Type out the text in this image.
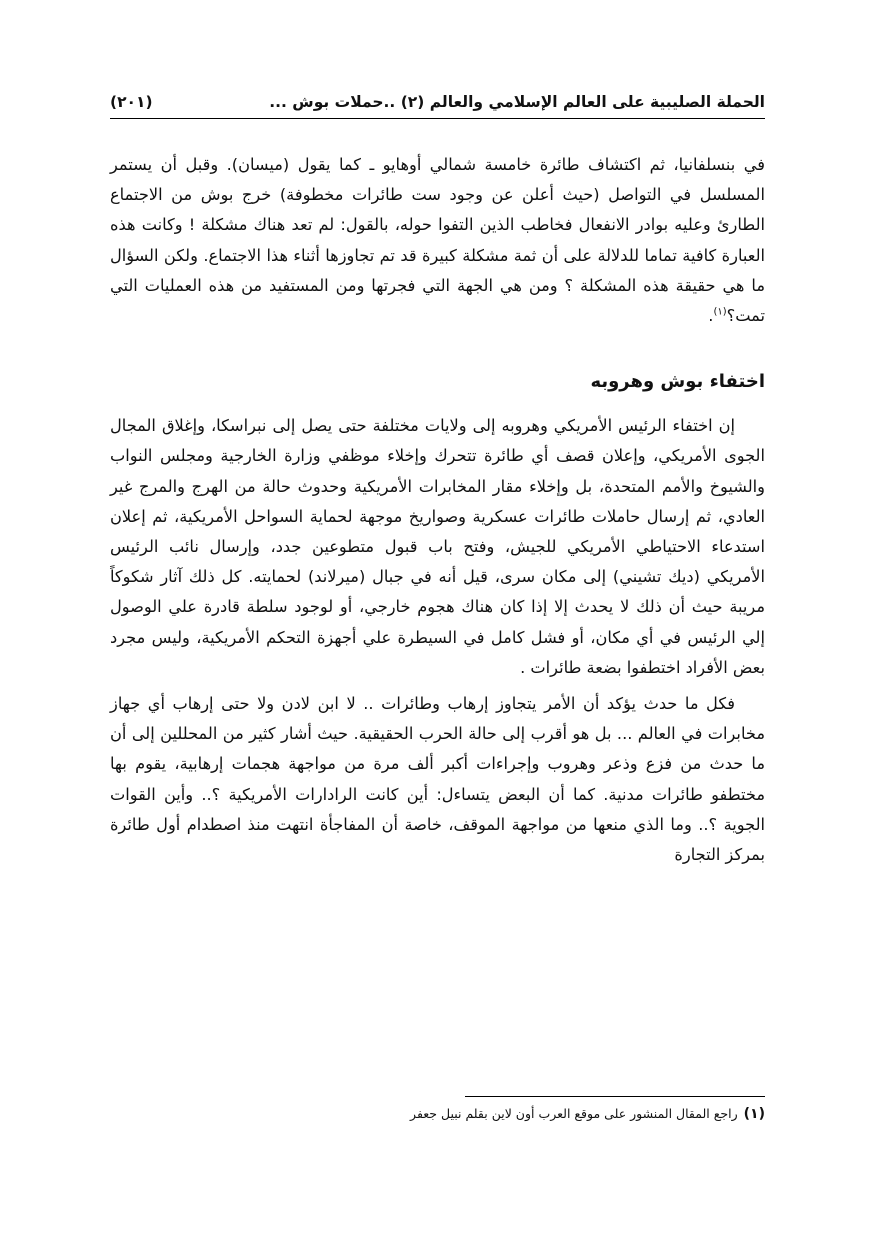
الحملة الصليبية على العالم الإسلامي والعالم (٢) ..حملات بوش ...
(٢٠١)

في بنسلفانيا، ثم اكتشاف طائرة خامسة شمالي أوهايو ـ كما يقول (ميسان). وقبل أن يستمر المسلسل في التواصل (حيث أعلن عن وجود ست طائرات مخطوفة) خرج بوش من الاجتماع الطارئ وعليه بوادر الانفعال فخاطب الذين التفوا حوله، بالقول: لم تعد هناك مشكلة ! وكانت هذه العبارة كافية تماما للدلالة على أن ثمة مشكلة كبيرة قد تم تجاوزها أثناء هذا الاجتماع. ولكن السؤال ما هي حقيقة هذه المشكلة ؟ ومن هي الجهة التي فجرتها ومن المستفيد من هذه العمليات التي تمت؟$^{(١)}$.

اختفاء بوش وهروبه

إن اختفاء الرئيس الأمريكي وهروبه إلى ولايات مختلفة حتى يصل إلى نبراسكا، وإغلاق المجال الجوى الأمريكي، وإعلان قصف أي طائرة تتحرك وإخلاء موظفي وزارة الخارجية ومجلس النواب والشيوخ والأمم المتحدة، بل وإخلاء مقار المخابرات الأمريكية وحدوث حالة من الهرج والمرج غير العادي، ثم إرسال حاملات طائرات عسكرية وصواريخ موجهة لحماية السواحل الأمريكية، ثم إعلان استدعاء الاحتياطي الأمريكي للجيش، وفتح باب قبول متطوعين جدد، وإرسال نائب الرئيس الأمريكي (ديك تشيني) إلى مكان سرى، قيل أنه في جبال (ميرلاند) لحمايته. كل ذلك آثار شكوكاً مريبة حيث أن ذلك لا يحدث إلا إذا كان هناك هجوم خارجي، أو لوجود سلطة قادرة علي الوصول إلي الرئيس في أي مكان، أو فشل كامل في السيطرة علي أجهزة التحكم الأمريكية، وليس مجرد بعض الأفراد اختطفوا بضعة طائرات .

فكل ما حدث يؤكد أن الأمر يتجاوز إرهاب وطائرات .. لا ابن لادن ولا حتى إرهاب أي جهاز مخابرات في العالم ... بل هو أقرب إلى حالة الحرب الحقيقية. حيث أشار كثير من المحللين إلى أن ما حدث من فزع وذعر وهروب وإجراءات أكبر ألف مرة من مواجهة هجمات إرهابية، يقوم بها مختطفو طائرات مدنية. كما أن البعض يتساءل: أين كانت الرادارات الأمريكية ؟.. وأين القوات الجوية ؟.. وما الذي منعها من مواجهة الموقف، خاصة أن المفاجأة انتهت منذ اصطدام أول طائرة بمركز التجارة

(١)راجع المقال المنشور على موقع العرب أون لاين بقلم نبيل جعفر
